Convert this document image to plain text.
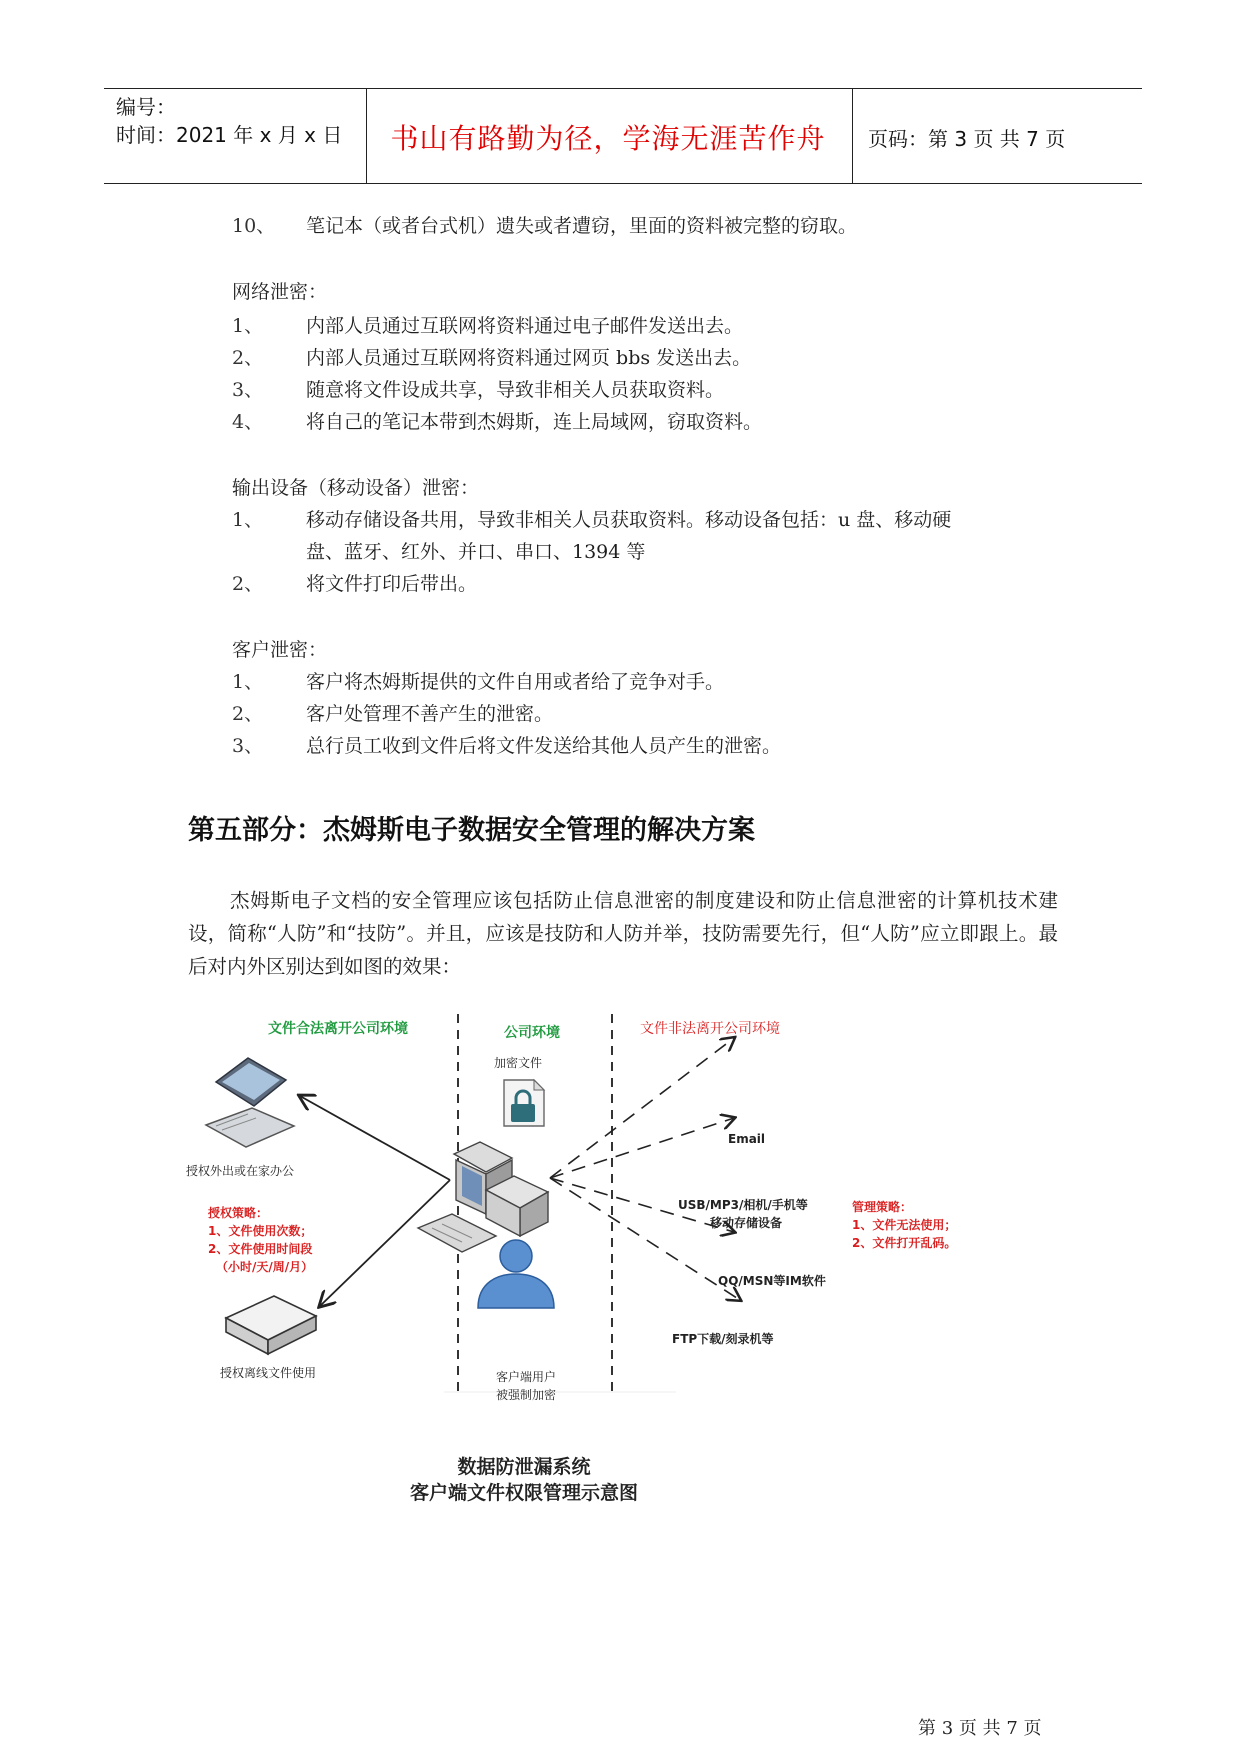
编号：
时间：2021 年 x 月 x 日	书山有路勤为径，学海无涯苦作舟	页码：第 3 页 共 7 页
10、 笔记本（或者台式机）遗失或者遭窃，里面的资料被完整的窃取。
网络泄密：
1、 内部人员通过互联网将资料通过电子邮件发送出去。
2、 内部人员通过互联网将资料通过网页 bbs 发送出去。
3、 随意将文件设成共享，导致非相关人员获取资料。
4、 将自己的笔记本带到杰姆斯，连上局域网，窃取资料。
输出设备（移动设备）泄密：
1、 移动存储设备共用，导致非相关人员获取资料。移动设备包括：u 盘、移动硬
盘、蓝牙、红外、并口、串口、1394 等
2、 将文件打印后带出。
客户泄密：
1、 客户将杰姆斯提供的文件自用或者给了竞争对手。
2、 客户处管理不善产生的泄密。
3、 总行员工收到文件后将文件发送给其他人员产生的泄密。
第五部分：杰姆斯电子数据安全管理的解决方案
杰姆斯电子文档的安全管理应该包括防止信息泄密的制度建设和防止信息泄密的计算机技术建设，简称“人防”和“技防”。并且，应该是技防和人防并举，技防需要先行，但“人防”应立即跟上。最后对内外区别达到如图的效果：
文件合法离开公司环境	公司环境	文件非法离开公司环境
加密文件
授权外出或在家办公
授权策略：
1、文件使用次数；
2、文件使用时间段
（小时/天/周/月）
授权离线文件使用	客户端用户
被强制加密
Email
USB/MP3/相机/手机等
移动存储设备
QQ/MSN等IM软件
FTP下载/刻录机等
管理策略：
1、文件无法使用；
2、文件打开乱码。
数据防泄漏系统
客户端文件权限管理示意图
第 3 页 共 7 页
